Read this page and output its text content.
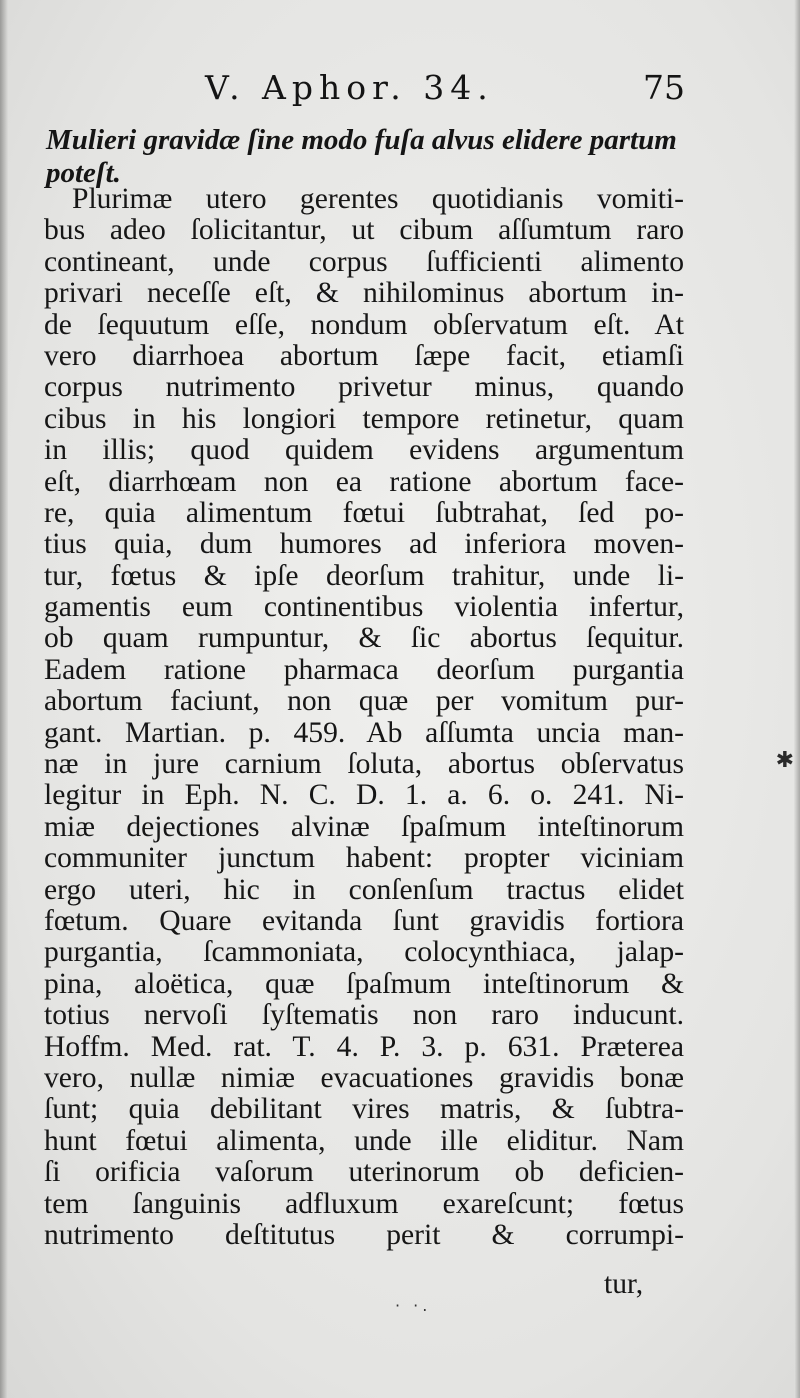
V. Aphor. 34.	75
Mulieri gravidæ ſine modo fuſa alvus elidere partum
poteſt.
Plurimæ utero gerentes quotidianis vomiti-
bus adeo ſolicitantur, ut cibum aſſumtum raro
contineant, unde corpus ſufficienti alimento
privari neceſſe eſt, & nihilominus abortum in-
de ſequutum eſſe, nondum obſervatum eſt. At
vero diarrhoea abortum ſæpe facit, etiamſi
corpus nutrimento privetur minus, quando
cibus in his longiori tempore retinetur, quam
in illis; quod quidem evidens argumentum
eſt, diarrhœam non ea ratione abortum face-
re, quia alimentum fœtui ſubtrahat, ſed po-
tius quia, dum humores ad inferiora moven-
tur, fœtus & ipſe deorſum trahitur, unde li-
gamentis eum continentibus violentia infertur,
ob quam rumpuntur, & ſic abortus ſequitur.
Eadem ratione pharmaca deorſum purgantia
abortum faciunt, non quæ per vomitum pur-
gant. Martian. p. 459. Ab aſſumta uncia man-
næ in jure carnium ſoluta, abortus obſervatus
legitur in Eph. N. C. D. 1. a. 6. o. 241. Ni-
miæ dejectiones alvinæ ſpaſmum inteſtinorum
communiter junctum habent: propter viciniam
ergo uteri, hic in conſenſum tractus elidet
fœtum. Quare evitanda ſunt gravidis fortiora
purgantia, ſcammoniata, colocynthiaca, jalap-
pina, aloëtica, quæ ſpaſmum inteſtinorum &
totius nervoſi ſyſtematis non raro inducunt.
Hoffm. Med. rat. T. 4. P. 3. p. 631. Præterea
vero, nullæ nimiæ evacuationes gravidis bonæ
ſunt; quia debilitant vires matris, & ſubtra-
hunt fœtui alimenta, unde ille eliditur. Nam
ſi orificia vaſorum uterinorum ob deficien-
tem ſanguinis adfluxum exareſcunt; fœtus
nutrimento deſtitutus perit & corrumpi-
tur,
· ·.
✱
